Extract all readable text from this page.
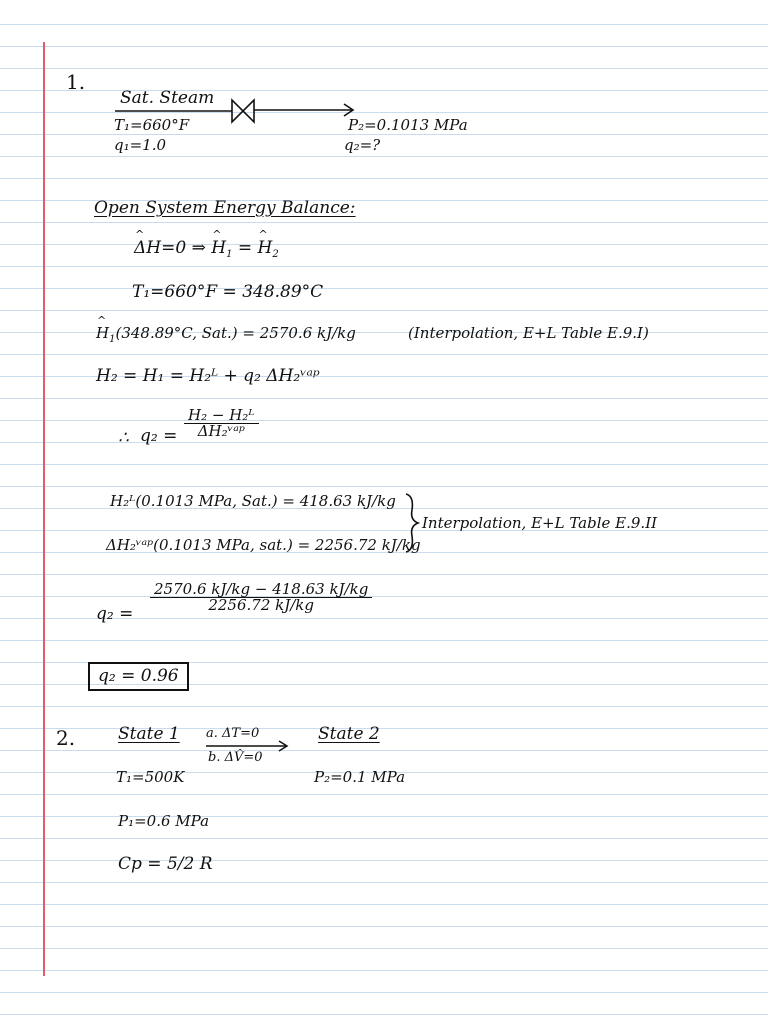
1.
Sat. Steam
T₁=660°F
q₁=1.0
P₂=0.1013 MPa
q₂=?
Open System Energy Balance:
^ ΔH=0 ⇒ ^ $H_1$ = ^ $H_2$
T₁=660°F = 348.89°C
^ $H_1(348.89^\circ C$, Sat.) = 2570.6 kJ/kg	(Interpolation, E+L Table E.9.I)
H₂ = H₁ = H₂ᴸ + q₂ ΔH₂ᵛᵃᵖ
∴ q₂ =
H₂ − H₂ᴸ
ΔH₂ᵛᵃᵖ
H₂ᴸ(0.1013 MPa, Sat.) = 418.63 kJ/kg
ΔH₂ᵛᵃᵖ(0.1013 MPa, sat.) = 2256.72 kJ/kg
Interpolation, E+L Table E.9.II
q₂ =
$\frac{2570.6 kJ/kg - 418.63 kJ/kg}{2256.72 kJ/kg}$
q₂ = 0.96
2.	State 1 a. ΔT=0
b. ΔV̂=0
State 2
T₁=500K	P₂=0.1 MPa
P₁=0.6 MPa
Cp = 5/2 R
